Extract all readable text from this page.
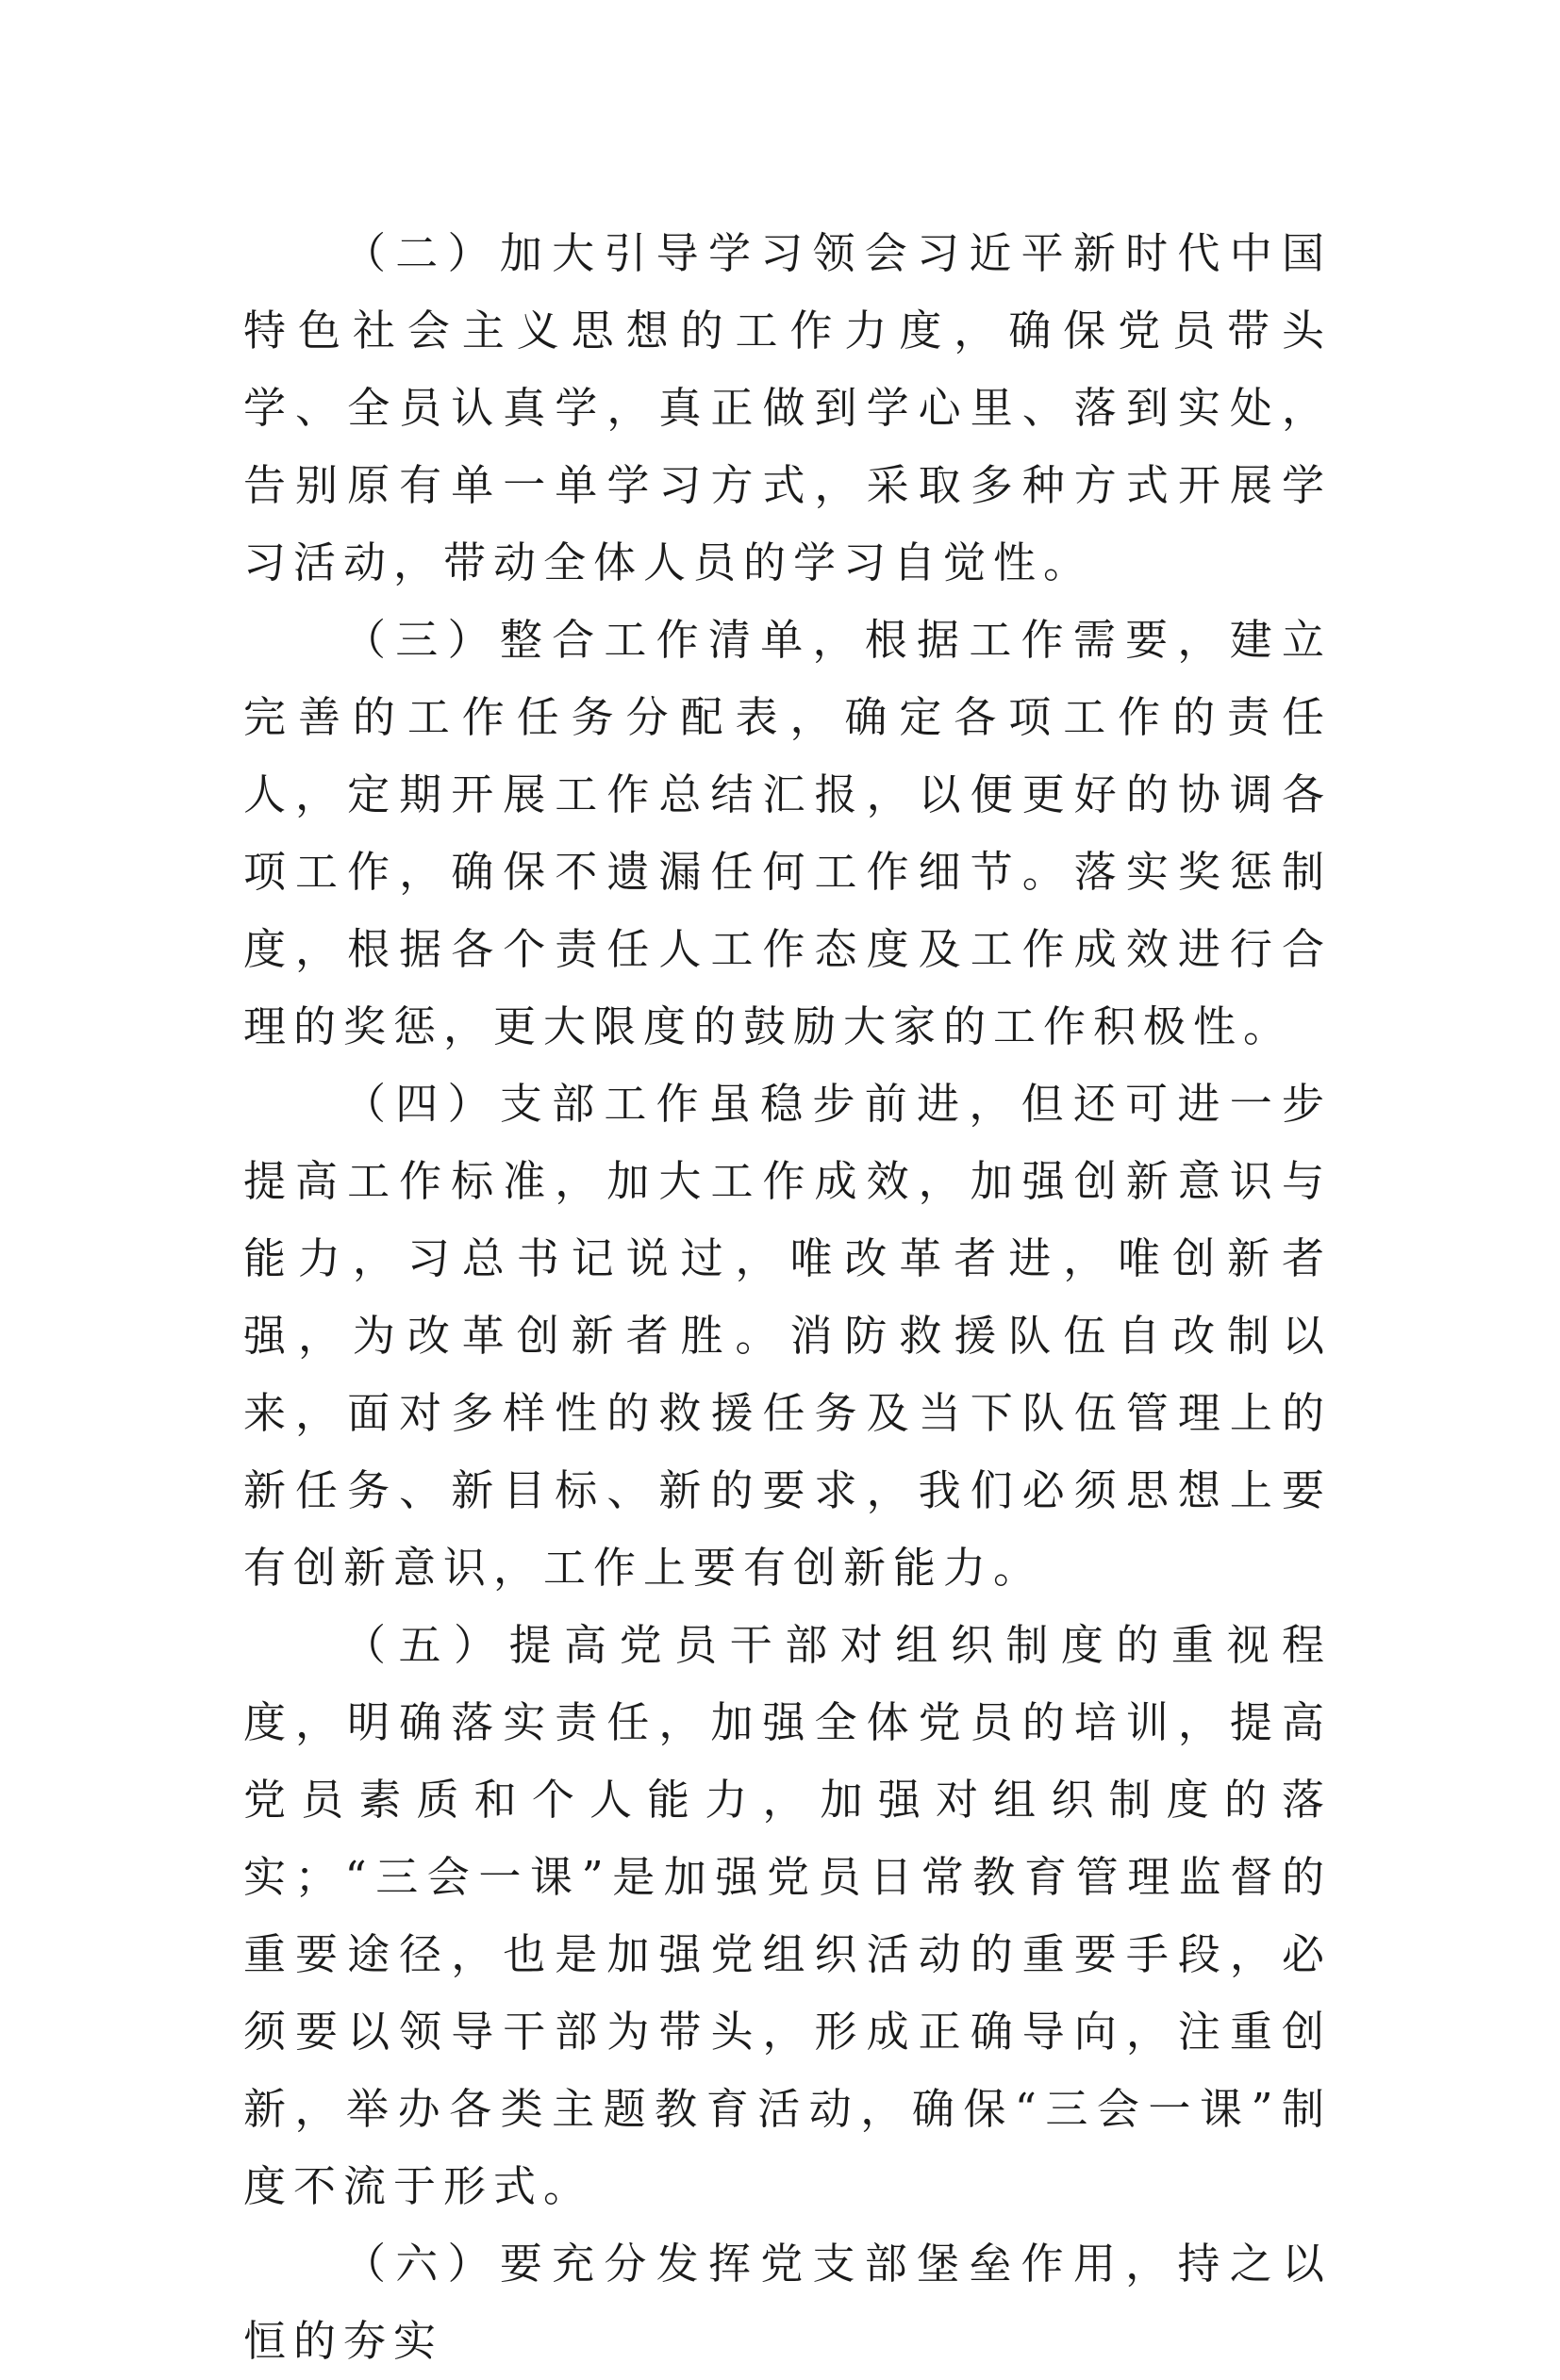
（二）加大引导学习领会习近平新时代中国特色社会主义思想的工作力度，确保党员带头学、全员认真学，真正做到学心里、落到实处，告别原有单一单学习方式，采取多种方式开展学习活动，带动全体人员的学习自觉性。

（三）整合工作清单，根据工作需要，建立完善的工作任务分配表，确定各项工作的责任人，定期开展工作总结汇报，以便更好的协调各项工作，确保不遗漏任何工作细节。落实奖惩制度，根据各个责任人工作态度及工作成效进行合理的奖惩，更大限度的鼓励大家的工作积极性。

（四）支部工作虽稳步前进，但还可进一步提高工作标准，加大工作成效，加强创新意识与能力，习总书记说过，唯改革者进，唯创新者强，为改革创新者胜。消防救援队伍自改制以来，面对多样性的救援任务及当下队伍管理上的新任务、新目标、新的要求，我们必须思想上要有创新意识，工作上要有创新能力。

（五）提高党员干部对组织制度的重视程度，明确落实责任，加强全体党员的培训，提高党员素质和个人能力，加强对组织制度的落实；“三会一课”是加强党员日常教育管理监督的重要途径，也是加强党组织活动的重要手段，必须要以领导干部为带头，形成正确导向，注重创新，举办各类主题教育活动，确保“三会一课”制度不流于形式。

（六）要充分发挥党支部堡垒作用，持之以恒的夯实
